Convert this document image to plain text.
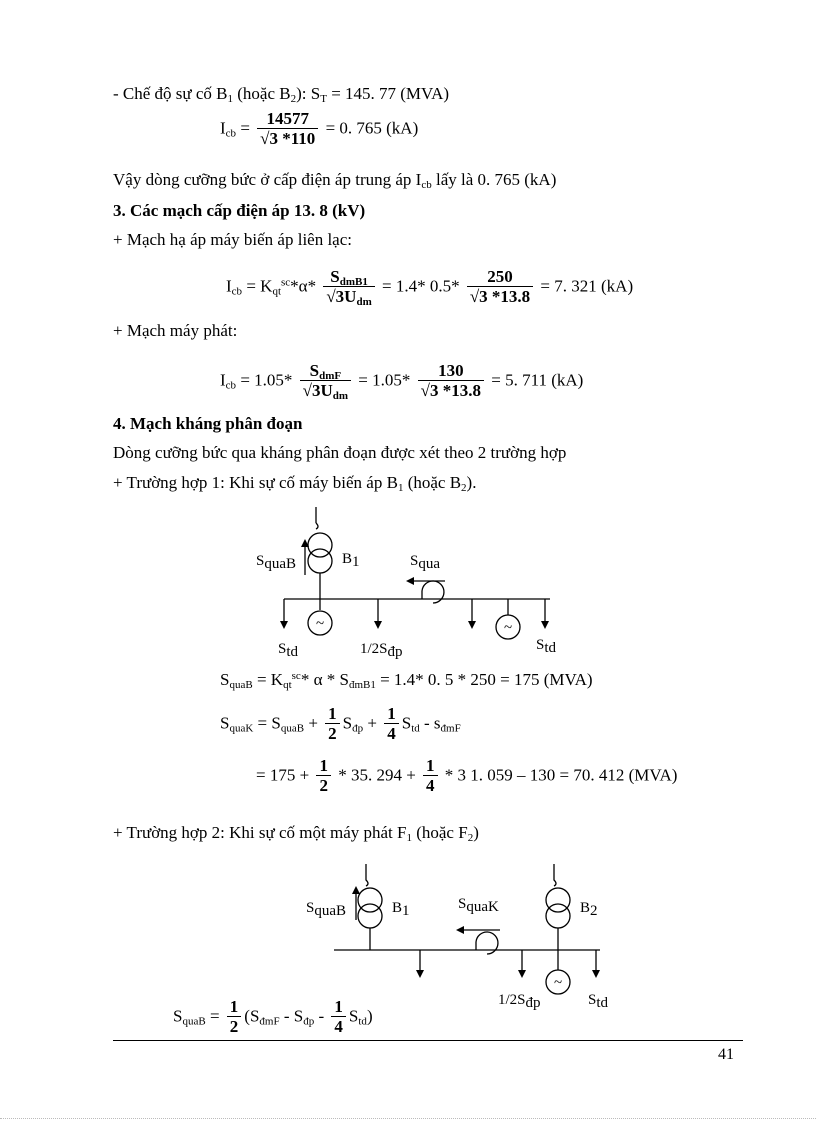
- Chế độ sự cố $B_1$ (hoặc $B_2$): $S_T = 145$. 77 (MVA)
$I_{cb} = \frac{14577}{√3 *110} = 0$. 765 (kA)
Vậy dòng cưỡng bức ở cấp điện áp trung áp $I_{cb}$ lấy là 0. 765 (kA)
3. Các mạch cấp điện áp 13. 8 (kV)
+ Mạch hạ áp máy biến áp liên lạc:
$I_{cb} = K_{qt}^{sc}*\alpha* \frac{S_{dmB1}}{√3U_{dm}} = 1.4*$ $0.5* \frac{250}{√3 *13.8} = 7$. 321 (kA)
+ Mạch máy phát:
$I_{cb} = 1.05* \frac{S_{dmF}}{√3U_{dm}} = 1.05* \frac{130}{√3 *13.8} = 5$. 711 (kA)
4. Mạch kháng phân đoạn
Dòng cưỡng bức qua kháng phân đoạn được xét theo 2 trường hợp
+ Trường hợp 1: Khi sự cố máy biến áp $B_1$ (hoặc $B_2$).
~	~
SquaB	B1	Squa
Std	1/2Sđp	Std
$S_{quaB} = K_{qt}^{sc}*$ $\alpha * S_{đmB1} = 1.4*$ 0. 5 * 250 = 175 (MVA)
$S_{quaK} = S_{quaB} + \frac{1}{2} S_{đp} + \frac{1}{4} S_{td} - s_{đmF}$
= $175 + \frac{1}{2} * 35$. $294 + \frac{1}{4} * 3$ 1. 059 – 130 = 70. 412 (MVA)
+ Trường hợp 2: Khi sự cố một máy phát $F_1$ (hoặc $F_2$)
~
SquaB	B1	SquaK	B2
1/2Sđp	Std
$S_{quaB} = \frac{1}{2} (S_{đmF} - S_{đp} - \frac{1}{4} S_{td})$
41
